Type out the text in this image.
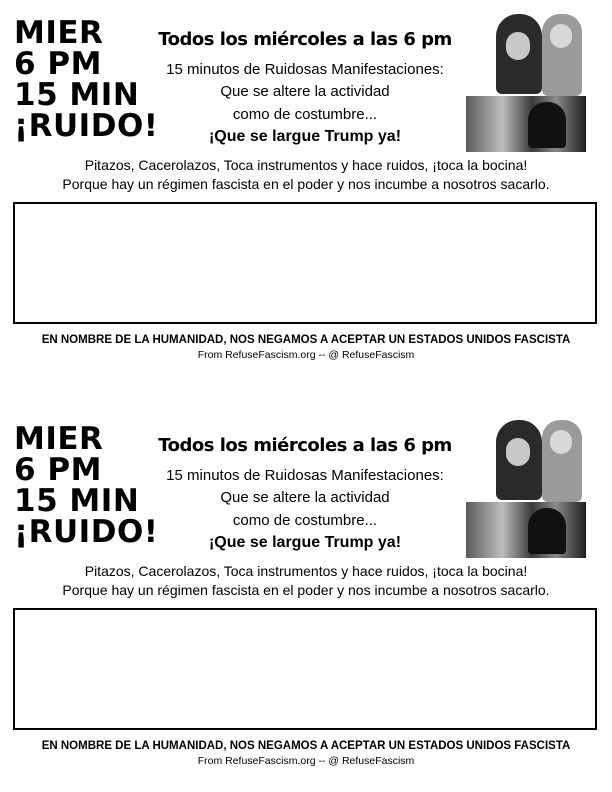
MIER
6 PM
15 MIN
¡RUIDO!
Todos los miércoles a las 6 pm
15 minutos de Ruidosas Manifestaciones:
Que se altere la actividad
como de costumbre...
¡Que se largue Trump ya!
Pitazos, Cacerolazos, Toca instrumentos y hace ruidos, ¡toca la bocina!
Porque hay un régimen fascista en el poder y nos incumbe a nosotros sacarlo.
EN NOMBRE DE LA HUMANIDAD, NOS NEGAMOS A ACEPTAR UN ESTADOS UNIDOS FASCISTA
From RefuseFascism.org -- @ RefuseFascism
MIER
6 PM
15 MIN
¡RUIDO!
Todos los miércoles a las 6 pm
15 minutos de Ruidosas Manifestaciones:
Que se altere la actividad
como de costumbre...
¡Que se largue Trump ya!
Pitazos, Cacerolazos, Toca instrumentos y hace ruidos, ¡toca la bocina!
Porque hay un régimen fascista en el poder y nos incumbe a nosotros sacarlo.
EN NOMBRE DE LA HUMANIDAD, NOS NEGAMOS A ACEPTAR UN ESTADOS UNIDOS FASCISTA
From RefuseFascism.org -- @ RefuseFascism
